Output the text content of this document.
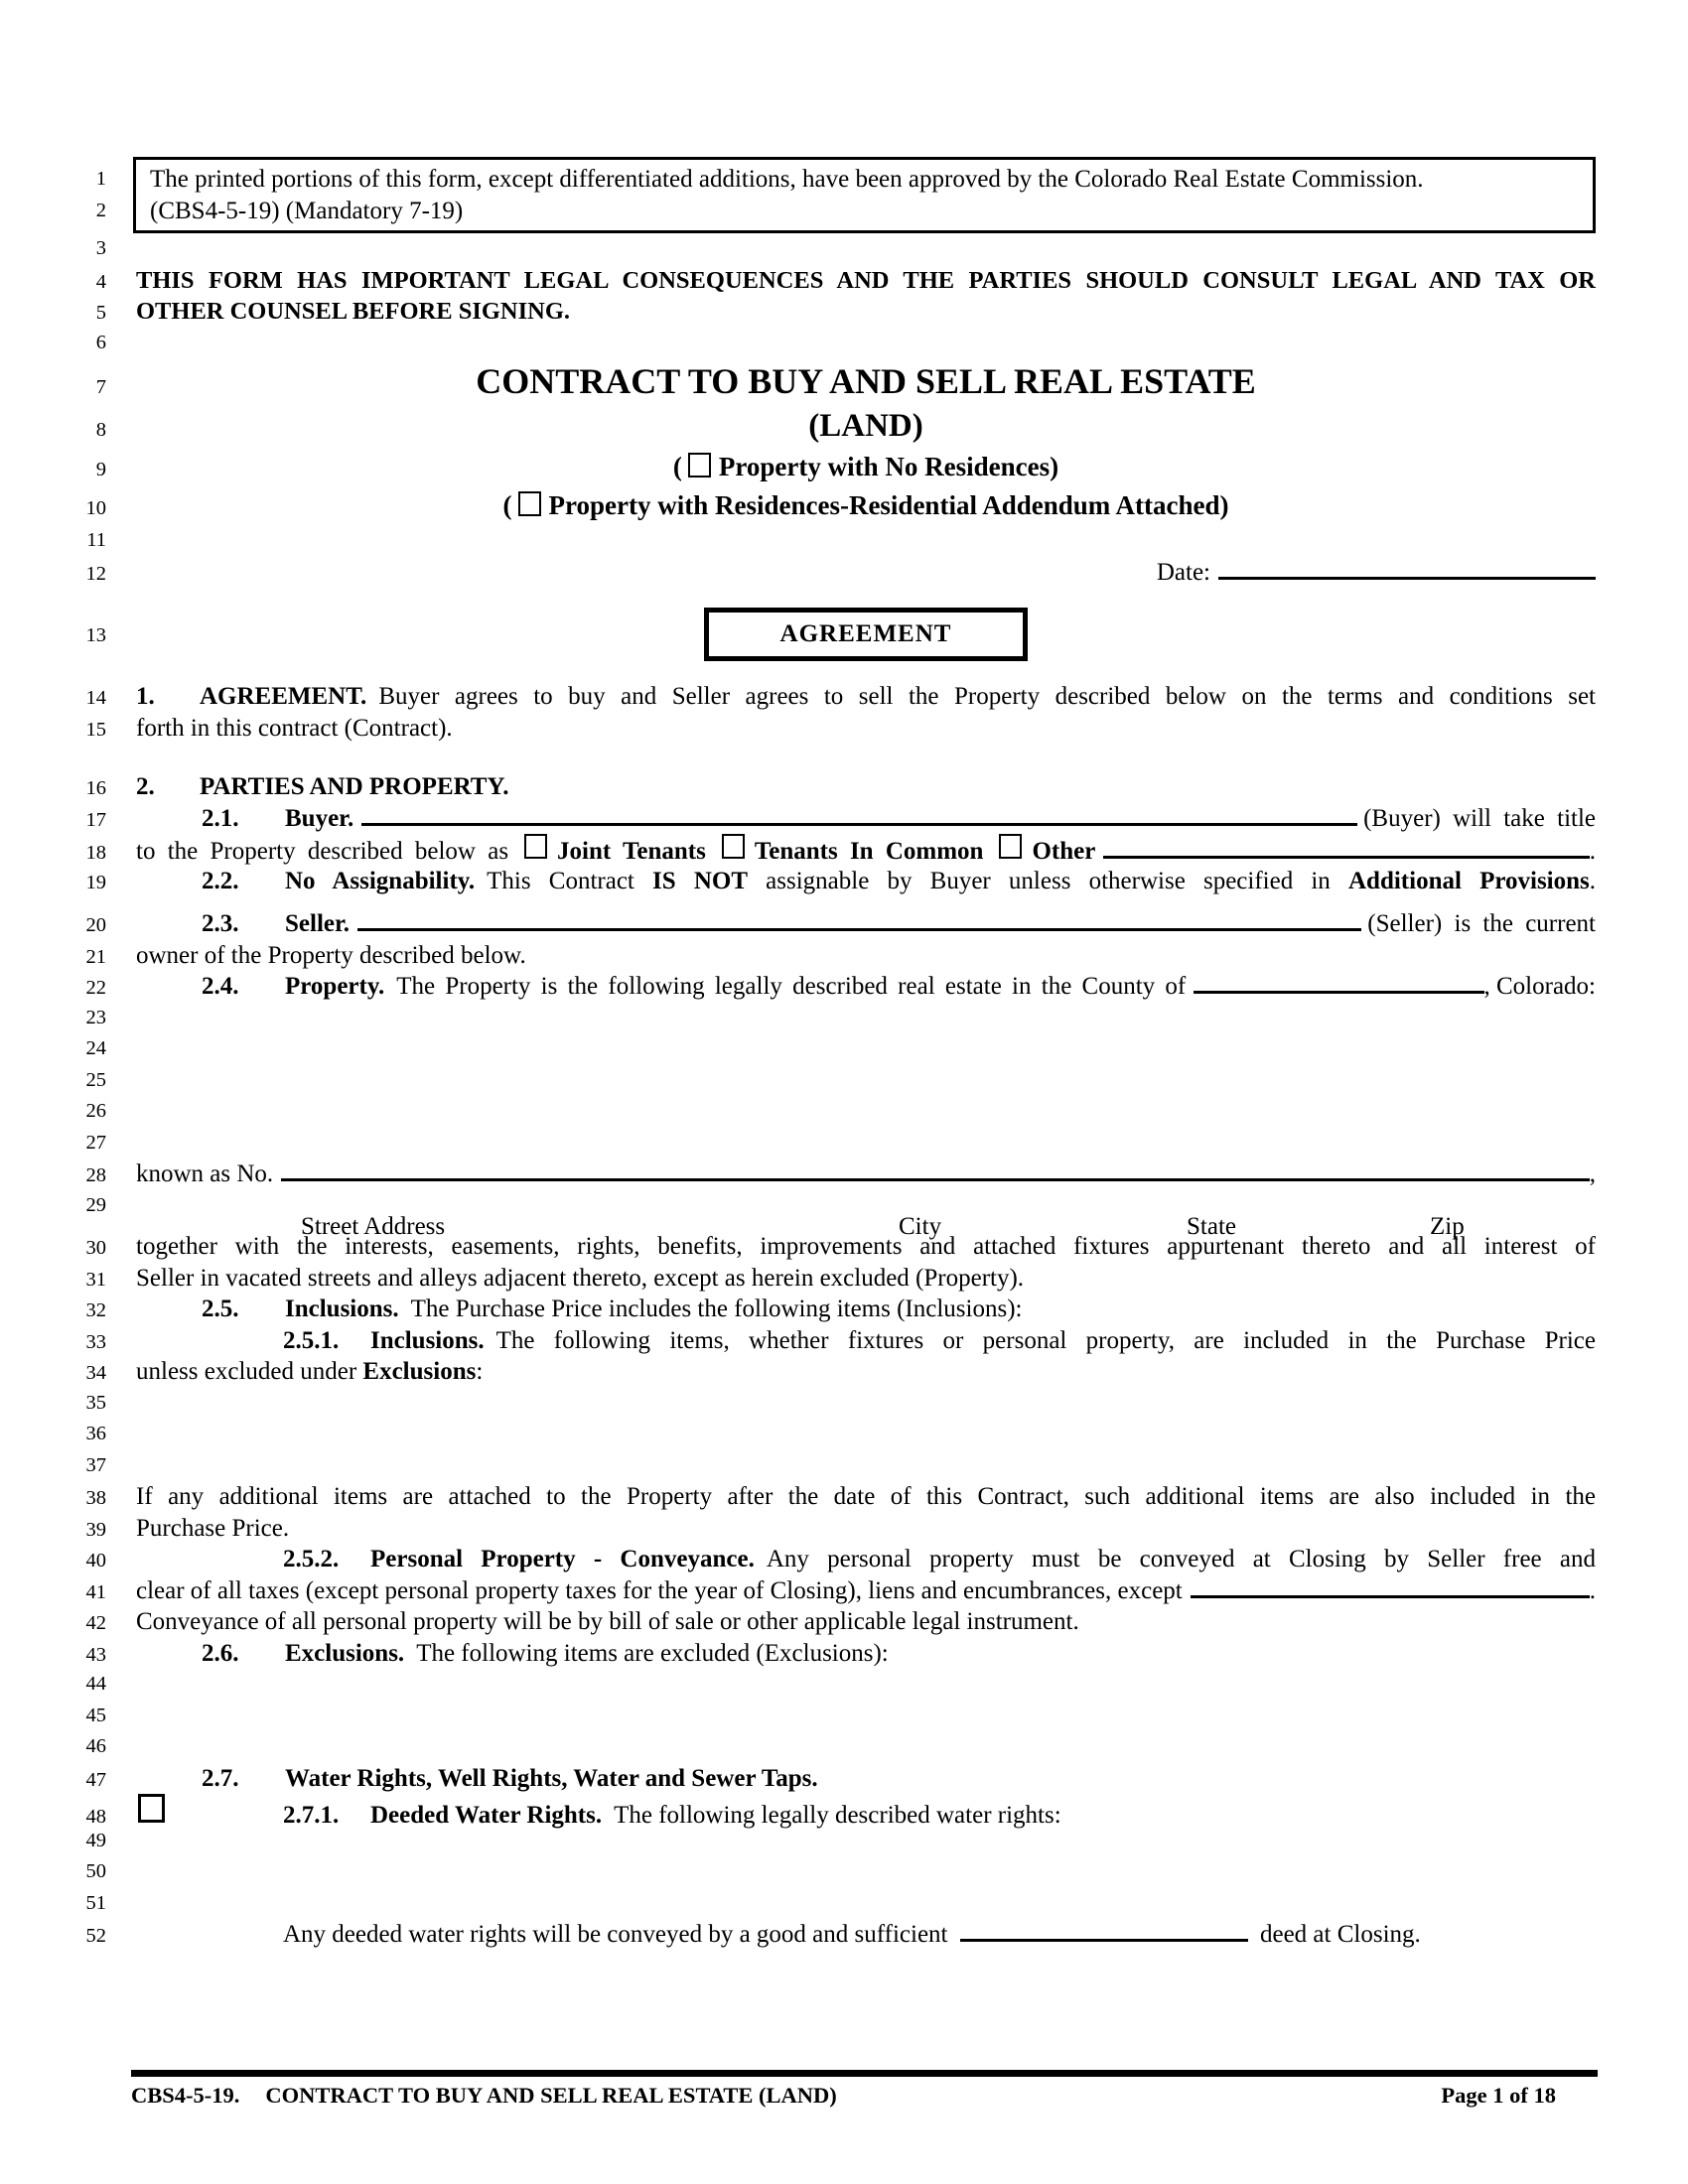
1
2
The printed portions of this form, except differentiated additions, have been approved by the Colorado Real Estate Commission.
(CBS4-5-19) (Mandatory 7-19)
3
4 THIS FORM HAS IMPORTANT LEGAL CONSEQUENCES AND THE PARTIES SHOULD CONSULT LEGAL AND TAX OR
5 OTHER COUNSEL BEFORE SIGNING.
6
7	CONTRACT TO BUY AND SELL REAL ESTATE
8	(LAND)
9	( Property with No Residences)
10	( Property with Residences-Residential Addendum Attached)
11
12	Date:
13	AGREEMENT
14 1. AGREEMENT. Buyer agrees to buy and Seller agrees to sell the Property described below on the terms and conditions set
15 forth in this contract (Contract).
16 2. PARTIES AND PROPERTY.
17	2.1.	Buyer.	(Buyer) will take title
18 to the Property described below as Joint Tenants Tenants In Common Other	.
19	2.2. No Assignability. This Contract IS NOT assignable by Buyer unless otherwise specified in Additional Provisions.
20	2.3.	Seller.	(Seller) is the current
21 owner of the Property described below.
22	2.4.	Property. The Property is the following legally described real estate in the County of	, Colorado:
23
24
25
26
27
28 known as No.	,
29
Street Address	City	State	Zip
30 together with the interests, easements, rights, benefits, improvements and attached fixtures appurtenant thereto and all interest of
31 Seller in vacated streets and alleys adjacent thereto, except as herein excluded (Property).
32	2.5. Inclusions. The Purchase Price includes the following items (Inclusions):
33	2.5.1. Inclusions. The following items, whether fixtures or personal property, are included in the Purchase Price
34 unless excluded under Exclusions:
35
36
37
38 If any additional items are attached to the Property after the date of this Contract, such additional items are also included in the
39 Purchase Price.
40	2.5.2. Personal Property - Conveyance. Any personal property must be conveyed at Closing by Seller free and
41 clear of all taxes (except personal property taxes for the year of Closing), liens and encumbrances, except	.
42 Conveyance of all personal property will be by bill of sale or other applicable legal instrument.
43	2.6. Exclusions. The following items are excluded (Exclusions):
44
45
46
47	2.7. Water Rights, Well Rights, Water and Sewer Taps.
48	2.7.1.	Deeded Water Rights. The following legally described water rights:
49
50
51
52	Any deeded water rights will be conveyed by a good and sufficient	deed at Closing.
CBS4-5-19. CONTRACT TO BUY AND SELL REAL ESTATE (LAND)	Page 1 of 18
